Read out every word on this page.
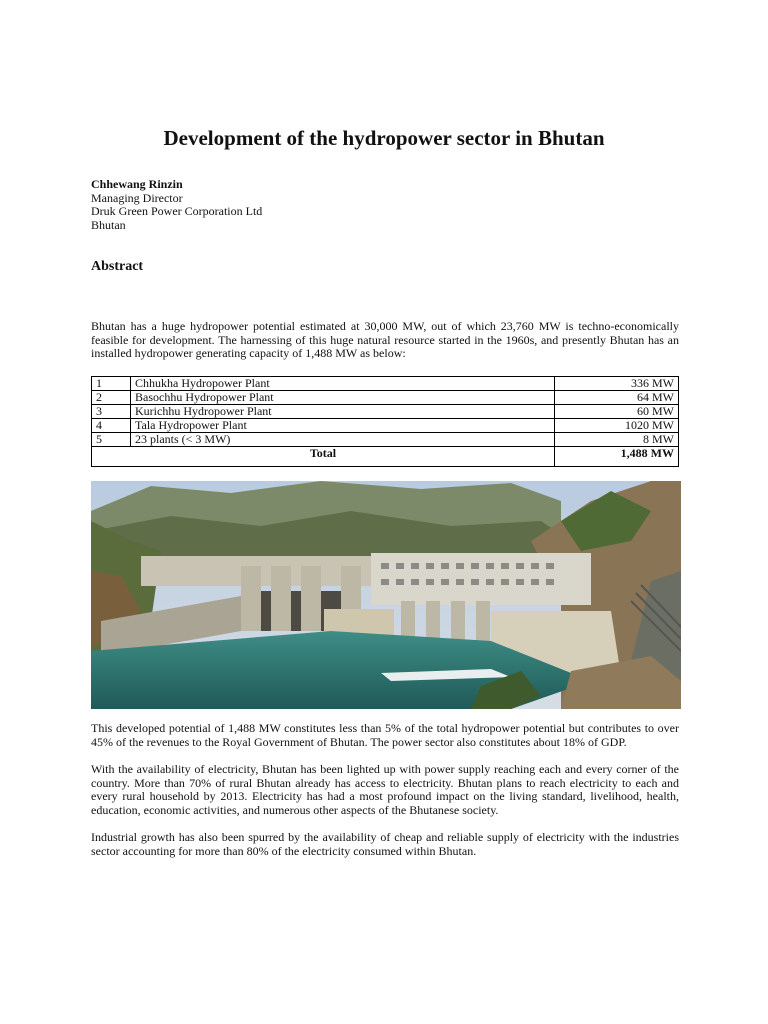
Development of the hydropower sector in Bhutan
Chhewang Rinzin
Managing Director
Druk Green Power Corporation Ltd
Bhutan
Abstract
Bhutan has a huge hydropower potential estimated at 30,000 MW, out of which 23,760 MW is techno-economically feasible for development. The harnessing of this huge natural resource started in the 1960s, and presently Bhutan has an installed hydropower generating capacity of 1,488 MW as below:
1	Chhukha Hydropower Plant	336 MW
2	Basochhu Hydropower Plant	64 MW
3	Kurichhu Hydropower Plant	60 MW
4	Tala Hydropower Plant	1020 MW
5	23 plants (< 3 MW)	8 MW
Total		1,488 MW
This developed potential of 1,488 MW constitutes less than 5% of the total hydropower potential but contributes to over 45% of the revenues to the Royal Government of Bhutan. The power sector also constitutes about 18% of GDP.
With the availability of electricity, Bhutan has been lighted up with power supply reaching each and every corner of the country. More than 70% of rural Bhutan already has access to electricity. Bhutan plans to reach electricity to each and every rural household by 2013. Electricity has had a most profound impact on the living standard, livelihood, health, education, economic activities, and numerous other aspects of the Bhutanese society.
Industrial growth has also been spurred by the availability of cheap and reliable supply of electricity with the industries sector accounting for more than 80% of the electricity consumed within Bhutan.
